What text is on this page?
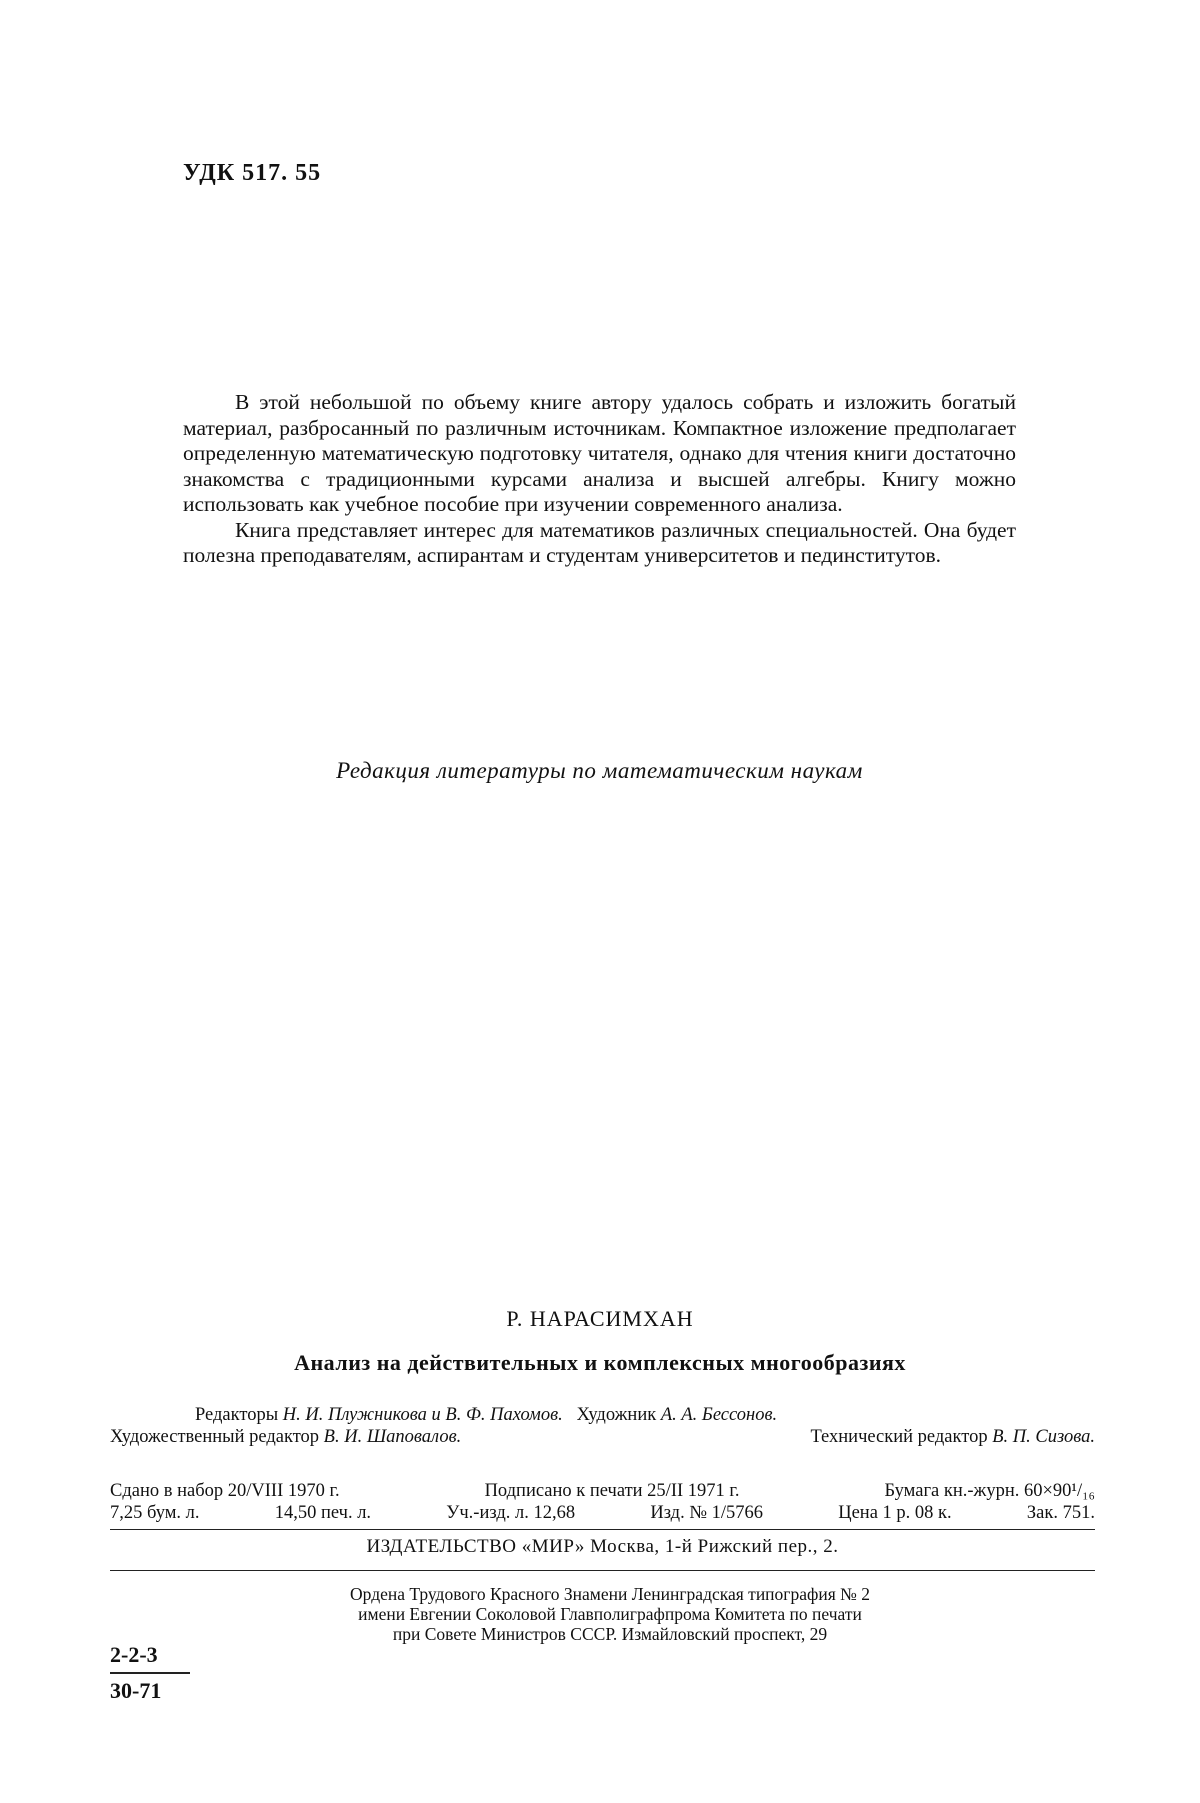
УДК 517. 55

В этой небольшой по объему книге автору удалось собрать и изложить богатый материал, разбросанный по различным источникам. Компактное изложение предполагает определенную математическую подготовку читателя, однако для чтения книги достаточно знакомства с традиционными курсами анализа и высшей алгебры. Книгу можно использовать как учебное пособие при изучении современного анализа.

Книга представляет интерес для математиков различных специальностей. Она будет полезна преподавателям, аспирантам и студентам университетов и пединститутов.

Редакция литературы по математическим наукам
Р. НАРАСИМХАН
Анализ на действительных и комплексных многообразиях
Редакторы Н. И. Плужникова и В. Ф. Пахомов. Художник А. А. Бессонов.
Художественный редактор В. И. Шаповалов.	Технический редактор В. П. Сизова.
Сдано в набор 20/VIII 1970 г.	Подписано к печати 25/II 1971 г.	Бумага кн.-журн. 60×90¹/₁₆
7,25 бум. л.	14,50 печ. л.	Уч.-изд. л. 12,68	Изд. № 1/5766	Цена 1 р. 08 к.	Зак. 751.
ИЗДАТЕЛЬСТВО «МИР» Москва, 1-й Рижский пер., 2.
Ордена Трудового Красного Знамени Ленинградская типография № 2
имени Евгении Соколовой Главполиграфпрома Комитета по печати
при Совете Министров СССР. Измайловский проспект, 29
2-2-3
30-71
